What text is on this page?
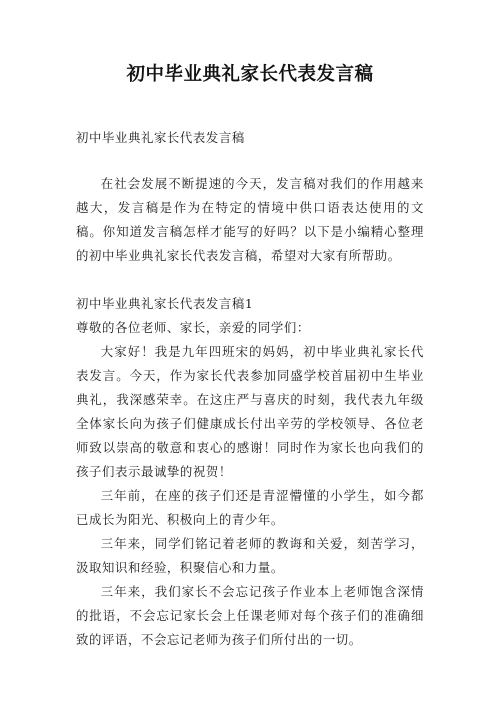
初中毕业典礼家长代表发言稿

初中毕业典礼家长代表发言稿

在社会发展不断提速的今天，发言稿对我们的作用越来越大，发言稿是作为在特定的情境中供口语表达使用的文稿。你知道发言稿怎样才能写的好吗？以下是小编精心整理的初中毕业典礼家长代表发言稿，希望对大家有所帮助。

初中毕业典礼家长代表发言稿1

尊敬的各位老师、家长，亲爱的同学们：

大家好！我是九年四班宋的妈妈，初中毕业典礼家长代表发言。今天，作为家长代表参加同盛学校首届初中生毕业典礼，我深感荣幸。在这庄严与喜庆的时刻，我代表九年级全体家长向为孩子们健康成长付出辛劳的学校领导、各位老师致以崇高的敬意和衷心的感谢！同时作为家长也向我们的孩子们表示最诚挚的祝贺！

三年前，在座的孩子们还是青涩懵懂的小学生，如今都已成长为阳光、积极向上的青少年。

三年来，同学们铭记着老师的教诲和关爱，刻苦学习，汲取知识和经验，积聚信心和力量。

三年来，我们家长不会忘记孩子作业本上老师饱含深情的批语，不会忘记家长会上任课老师对每个孩子们的准确细致的评语，不会忘记老师为孩子们所付出的一切。
